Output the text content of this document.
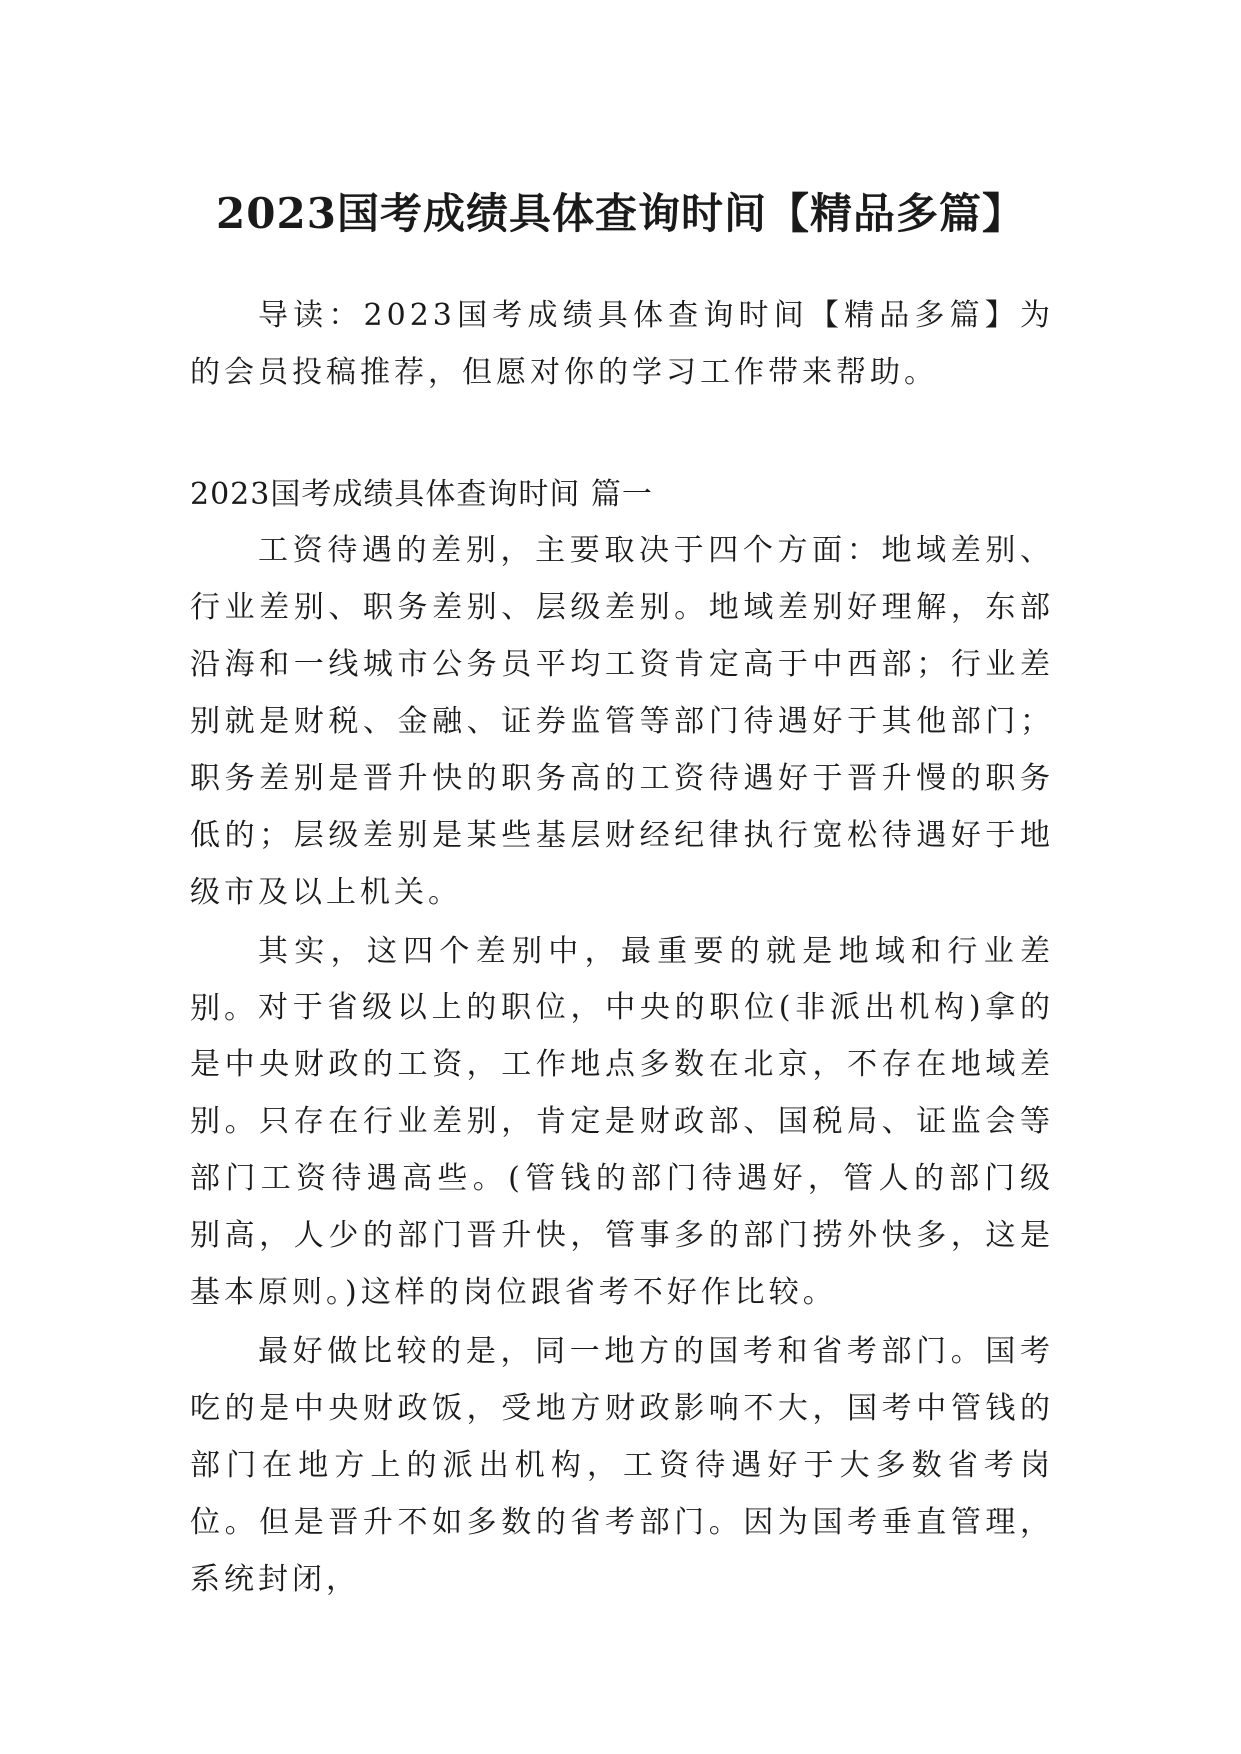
2023国考成绩具体查询时间【精品多篇】

导读：2023国考成绩具体查询时间【精品多篇】为的会员投稿推荐，但愿对你的学习工作带来帮助。

2023国考成绩具体查询时间 篇一

工资待遇的差别，主要取决于四个方面：地域差别、行业差别、职务差别、层级差别。地域差别好理解，东部沿海和一线城市公务员平均工资肯定高于中西部；行业差别就是财税、金融、证券监管等部门待遇好于其他部门；职务差别是晋升快的职务高的工资待遇好于晋升慢的职务低的；层级差别是某些基层财经纪律执行宽松待遇好于地级市及以上机关。

其实，这四个差别中，最重要的就是地域和行业差别。 对于省级以上的职位，中央的职位(非派出机构)拿的是中央财政的工资，工作地点多数在北京，不存在地域差别。只存在行业差别，肯定是财政部、国税局、证监会等部门工资待遇高些。(管钱的部门待遇好，管人的部门级别高，人少的部门晋升快，管事多的部门捞外快多，这是基本原则。)这样的岗位跟省考不好作比较。

最好做比较的是，同一地方的国考和省考部门。国考吃的是中央财政饭，受地方财政影响不大，国考中管钱的部门在地方上的派出机构，工资待遇好于大多数省考岗位。但是晋升不如多数的省考部门。因为国考垂直管理，系统封闭，
